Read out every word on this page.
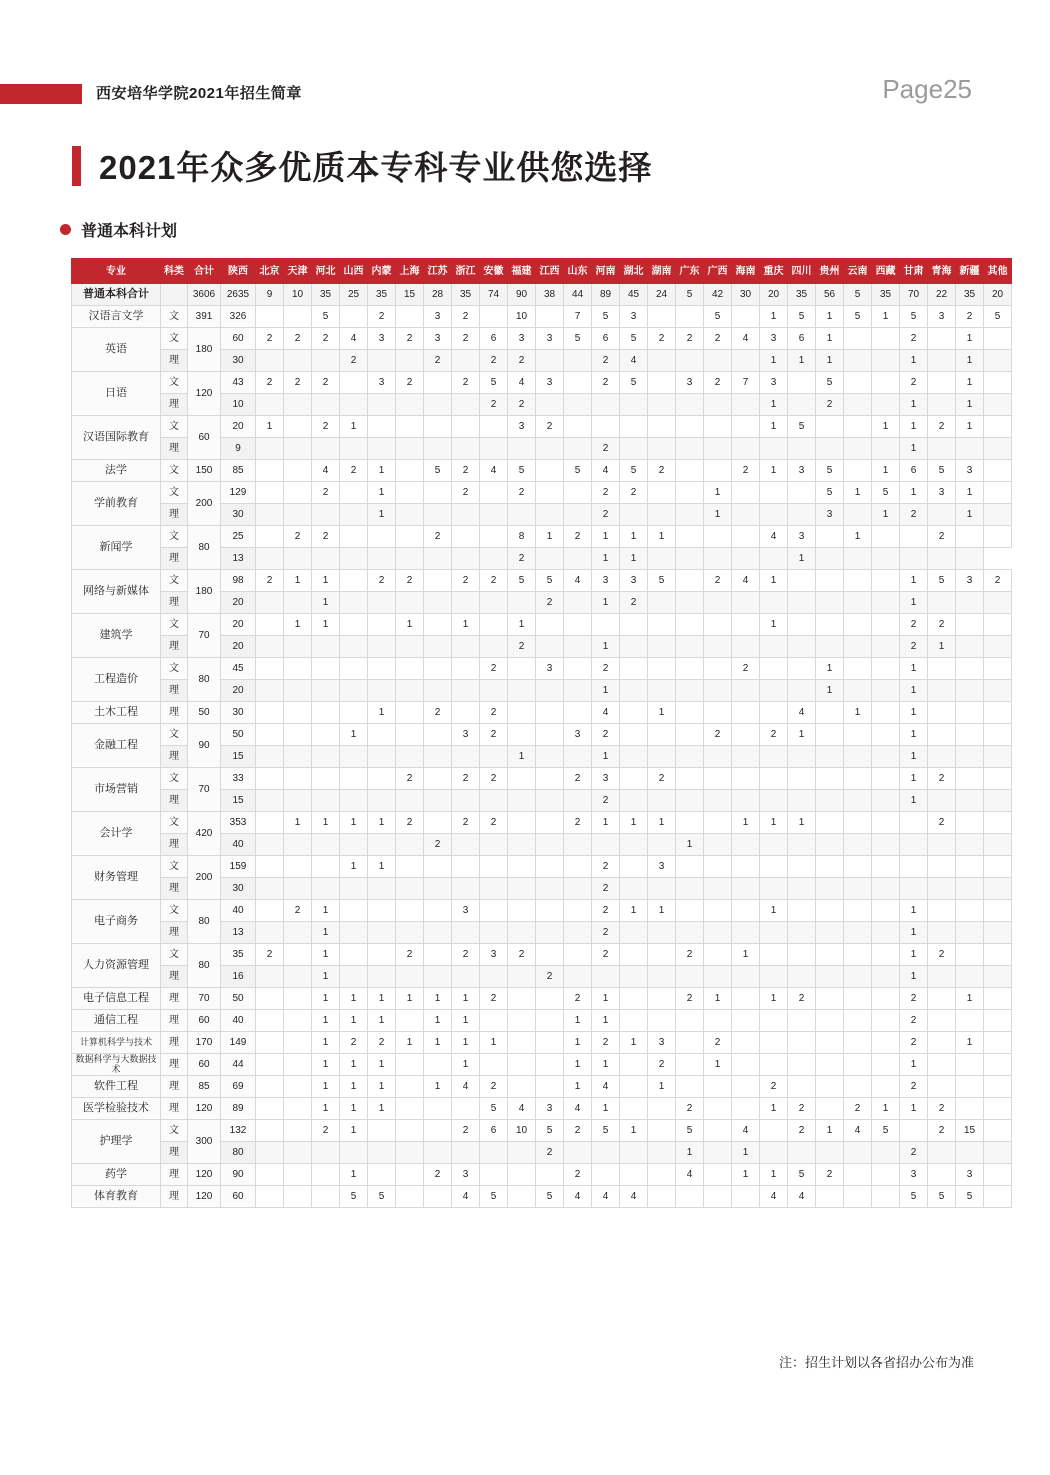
西安培华学院2021年招生简章	Page25
2021年众多优质本专科专业供您选择
普通本科计划
专业	科类	合计	陕西	北京	天津	河北	山西	内蒙	上海	江苏	浙江	安徽	福建	江西	山东	河南	湖北	湖南	广东	广西	海南	重庆	四川	贵州	云南	西藏	甘肃	青海	新疆	其他
普通本科合计		3606	2635	9	10	35	25	35	15	28	35	74	90	38	44	89	45	24	5	42	30	20	35	56	5	35	70	22	35	20
汉语言文学	文	391	326			5		2		3	2		10		7	5	3			5		1	5	1	5	1	5	3	2	5
英语	文	180	60	2	2	2	4	3	2	3	2	6	3	3	5	6	5	2	2	2	4	3	6	1			2		1	
	理		30				2			2		2	2			2	4					1	1	1			1		1	
日语	文	120	43	2	2	2		3	2		2	5	4	3		2	5		3	2	7	3		5			2		1	
	理		10									2	2									1		2			1		1	
汉语国际教育	文	60	20	1		2	1						3	2								1	5			1	1	2	1	
	理		9													2											1			
法学	文	150	85			4	2	1		5	2	4	5		5	4	5	2			2	1	3	5		1	6	5	3	
学前教育	文	200	129			2		1			2		2			2	2			1				5	1	5	1	3	1	
	理		30					1								2				1				3		1	2		1	
新闻学	文	80	25		2	2				2			8	1	2	1	1	1				4	3		1			2		
	理		13										2			1	1						1							
网络与新媒体	文	180	98	2	1	1		2	2		2	2	5	5	4	3	3	5		2	4	1					1	5	3	2
	理		20			1								2		1	2										1			
建筑学	文	70	20		1	1			1		1		1									1					2	2		
	理		20										2			1											2	1		
工程造价	文	80	45									2		3		2					2			1			1			
	理		20													1								1			1			
土木工程	理	50	30					1		2		2				4		1					4		1		1			
金融工程	文	90	50				1				3	2			3	2				2		2	1				1			
	理		15										1			1											1			
市场营销	文	70	33						2		2	2			2	3		2									1	2		
	理		15													2											1			
会计学	文	420	353		1	1	1	1	2		2	2			2	1	1	1			1	1	1					2		
	理		40							2									1											
财务管理	文	200	159				1	1								2		3												
	理		30													2														
电子商务	文	80	40		2	1					3					2	1	1				1					1			
	理		13			1										2											1			
人力资源管理	文	80	35	2		1			2		2	3	2			2			2		1						1	2		
	理		16			1								2													1			
电子信息工程	理	70	50			1	1	1	1	1	1	2			2	1			2	1		1	2				2		1	
通信工程	理	60	40			1	1	1		1	1				1	1											2			
计算机科学与技术	理	170	149			1	2	2	1	1	1	1			1	2	1	3		2							2		1	
数据科学与大数据技术	理	60	44			1	1	1			1				1	1		2		1							1			
软件工程	理	85	69			1	1	1		1	4	2			1	4		1				2					2			
医学检验技术	理	120	89			1	1	1				5	4	3	4	1			2			1	2		2	1	1	2		
护理学	文	300	132			2	1				2	6	10	5	2	5	1		5		4		2	1	4	5		2	15	
	理		80											2					1		1						2			
药学	理	120	90				1			2	3				2				4		1	1	5	2			3		3	
体育教育	理	120	60				5	5			4	5		5	4	4	4					4	4				5	5	5	
注：招生计划以各省招办公布为准
